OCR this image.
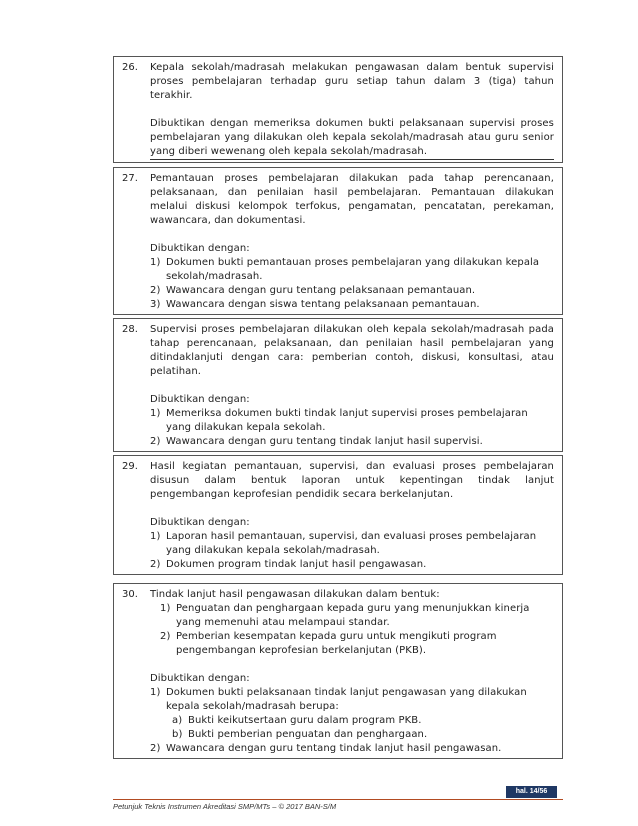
26.	Kepala sekolah/madrasah melakukan pengawasan dalam bentuk supervisi proses pembelajaran terhadap guru setiap tahun dalam 3 (tiga) tahun terakhir.

Dibuktikan dengan memeriksa dokumen bukti pelaksanaan supervisi proses pembelajaran yang dilakukan oleh kepala sekolah/madrasah atau guru senior yang diberi wewenang oleh kepala sekolah/madrasah.

27.	Pemantauan proses pembelajaran dilakukan pada tahap perencanaan, pelaksanaan, dan penilaian hasil pembelajaran. Pemantauan dilakukan melalui diskusi kelompok terfokus, pengamatan, pencatatan, perekaman, wawancara, dan dokumentasi.

Dibuktikan dengan:

1) Dokumen bukti pemantauan proses pembelajaran yang dilakukan kepala sekolah/madrasah.
2) Wawancara dengan guru tentang pelaksanaan pemantauan.
3) Wawancara dengan siswa tentang pelaksanaan pemantauan.
28.	Supervisi proses pembelajaran dilakukan oleh kepala sekolah/madrasah pada tahap perencanaan, pelaksanaan, dan penilaian hasil pembelajaran yang ditindaklanjuti dengan cara: pemberian contoh, diskusi, konsultasi, atau pelatihan.

Dibuktikan dengan:

1) Memeriksa dokumen bukti tindak lanjut supervisi proses pembelajaran yang dilakukan kepala sekolah.
2) Wawancara dengan guru tentang tindak lanjut hasil supervisi.
29.	Hasil kegiatan pemantauan, supervisi, dan evaluasi proses pembelajaran disusun dalam bentuk laporan untuk kepentingan tindak lanjut pengembangan keprofesian pendidik secara berkelanjutan.

Dibuktikan dengan:

1) Laporan hasil pemantauan, supervisi, dan evaluasi proses pembelajaran yang dilakukan kepala sekolah/madrasah.
2) Dokumen program tindak lanjut hasil pengawasan.
30.	Tindak lanjut hasil pengawasan dilakukan dalam bentuk:

1) Penguatan dan penghargaan kepada guru yang menunjukkan kinerja yang memenuhi atau melampaui standar.
2) Pemberian kesempatan kepada guru untuk mengikuti program pengembangan keprofesian berkelanjutan (PKB).

Dibuktikan dengan:

1) Dokumen bukti pelaksanaan tindak lanjut pengawasan yang dilakukan kepala sekolah/madrasah berupa:
a) Bukti keikutsertaan guru dalam program PKB.
b) Bukti pemberian penguatan dan penghargaan.
2) Wawancara dengan guru tentang tindak lanjut hasil pengawasan.
hal. 14/56
Petunjuk Teknis Instrumen Akreditasi SMP/MTs – © 2017 BAN-S/M
